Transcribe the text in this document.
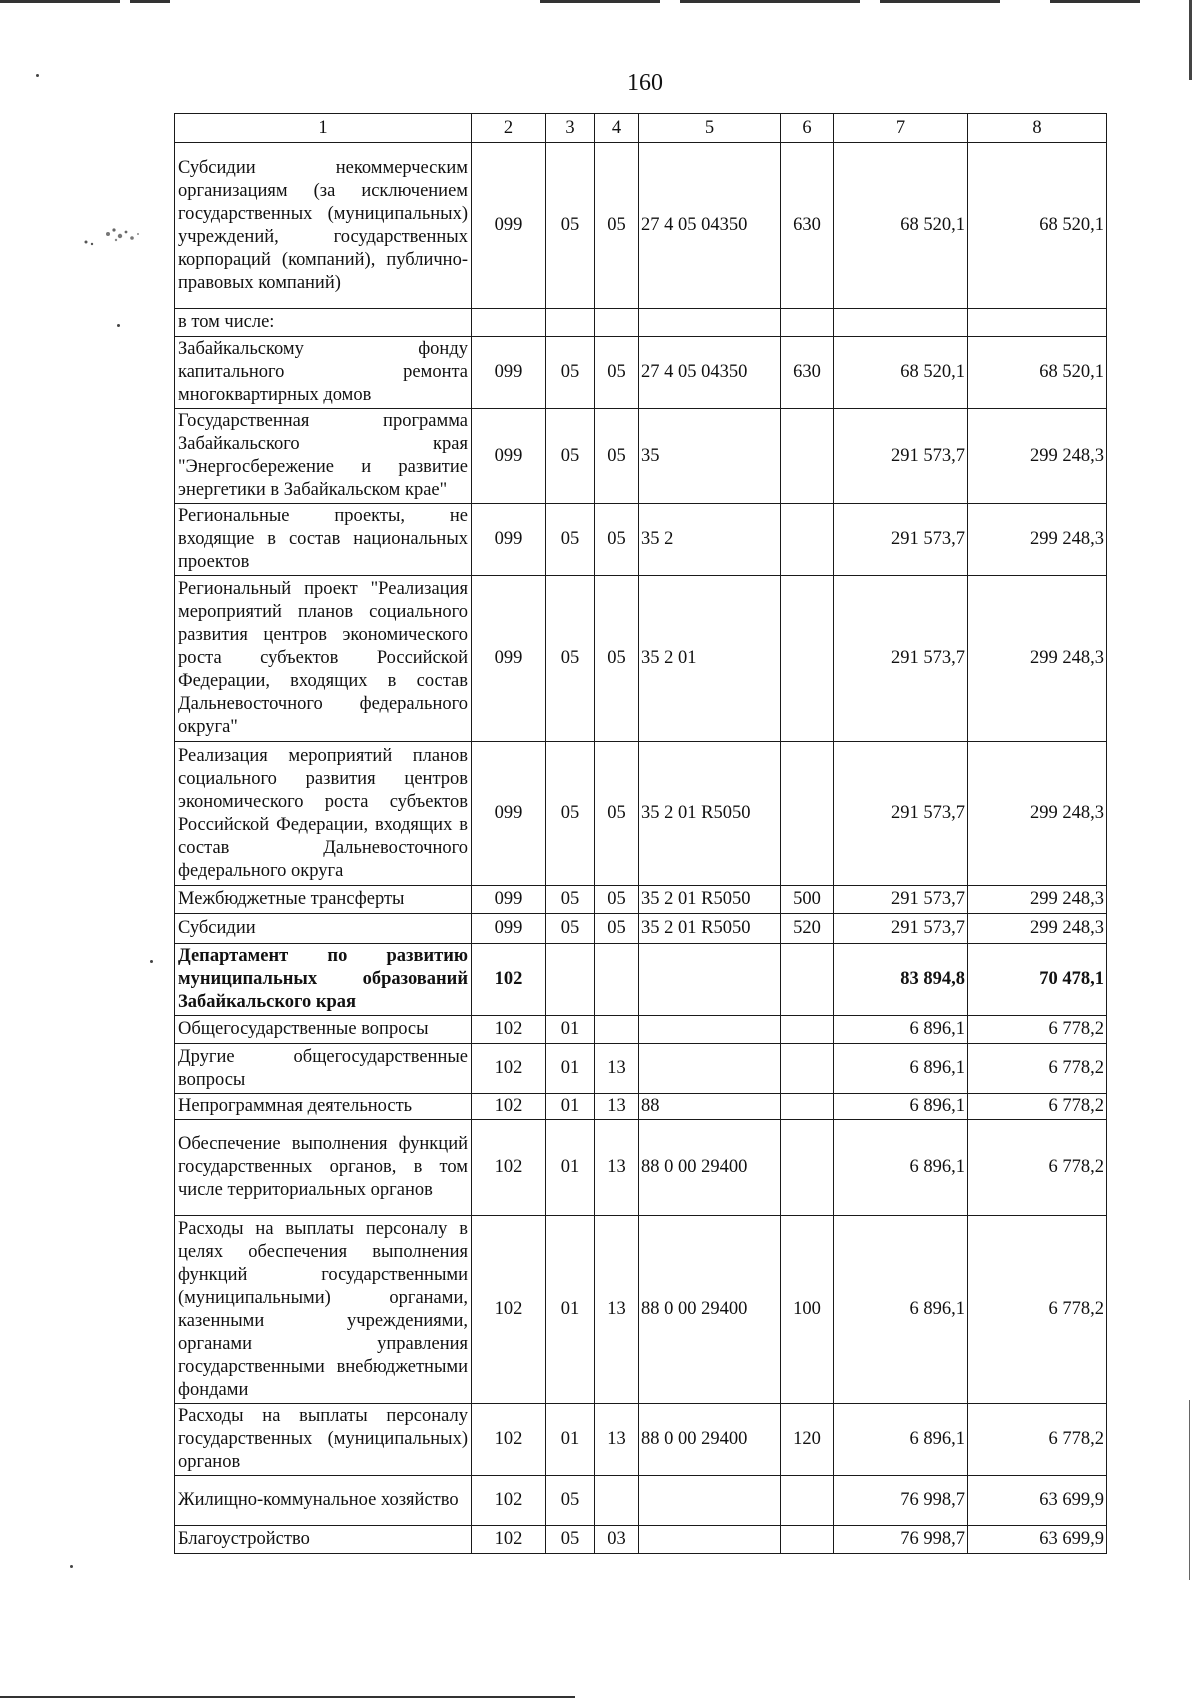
160
1	2	3	4	5	6	7	8
Субсидии некоммерческим организациям (за исключением государственных (муниципальных) учреждений, государственных корпораций (компаний), публично-правовых компаний)	099	05	05	27 4 05 04350	630	68 520,1	68 520,1
в том числе:							
Забайкальскому фонду капитального ремонта многоквартирных домов	099	05	05	27 4 05 04350	630	68 520,1	68 520,1
Государственная программа Забайкальского края "Энергосбережение и развитие энергетики в Забайкальском крае"	099	05	05	35		291 573,7	299 248,3
Региональные проекты, не входящие в состав национальных проектов	099	05	05	35 2		291 573,7	299 248,3
Региональный проект "Реализация мероприятий планов социального развития центров экономического роста субъектов Российской Федерации, входящих в состав Дальневосточного федерального округа"	099	05	05	35 2 01		291 573,7	299 248,3
Реализация мероприятий планов социального развития центров экономического роста субъектов Российской Федерации, входящих в состав Дальневосточного федерального округа	099	05	05	35 2 01 R5050		291 573,7	299 248,3
Межбюджетные трансферты	099	05	05	35 2 01 R5050	500	291 573,7	299 248,3
Субсидии	099	05	05	35 2 01 R5050	520	291 573,7	299 248,3
Департамент по развитию муниципальных образований Забайкальского края	102					83 894,8	70 478,1
Общегосударственные вопросы	102	01				6 896,1	6 778,2
Другие общегосударственные вопросы	102	01	13			6 896,1	6 778,2
Непрограммная деятельность	102	01	13	88		6 896,1	6 778,2
Обеспечение выполнения функций государственных органов, в том числе территориальных органов	102	01	13	88 0 00 29400		6 896,1	6 778,2
Расходы на выплаты персоналу в целях обеспечения выполнения функций государственными (муниципальными) органами, казенными учреждениями, органами управления государственными внебюджетными фондами	102	01	13	88 0 00 29400	100	6 896,1	6 778,2
Расходы на выплаты персоналу государственных (муниципальных) органов	102	01	13	88 0 00 29400	120	6 896,1	6 778,2
Жилищно-коммунальное хозяйство	102	05				76 998,7	63 699,9
Благоустройство	102	05	03			76 998,7	63 699,9
